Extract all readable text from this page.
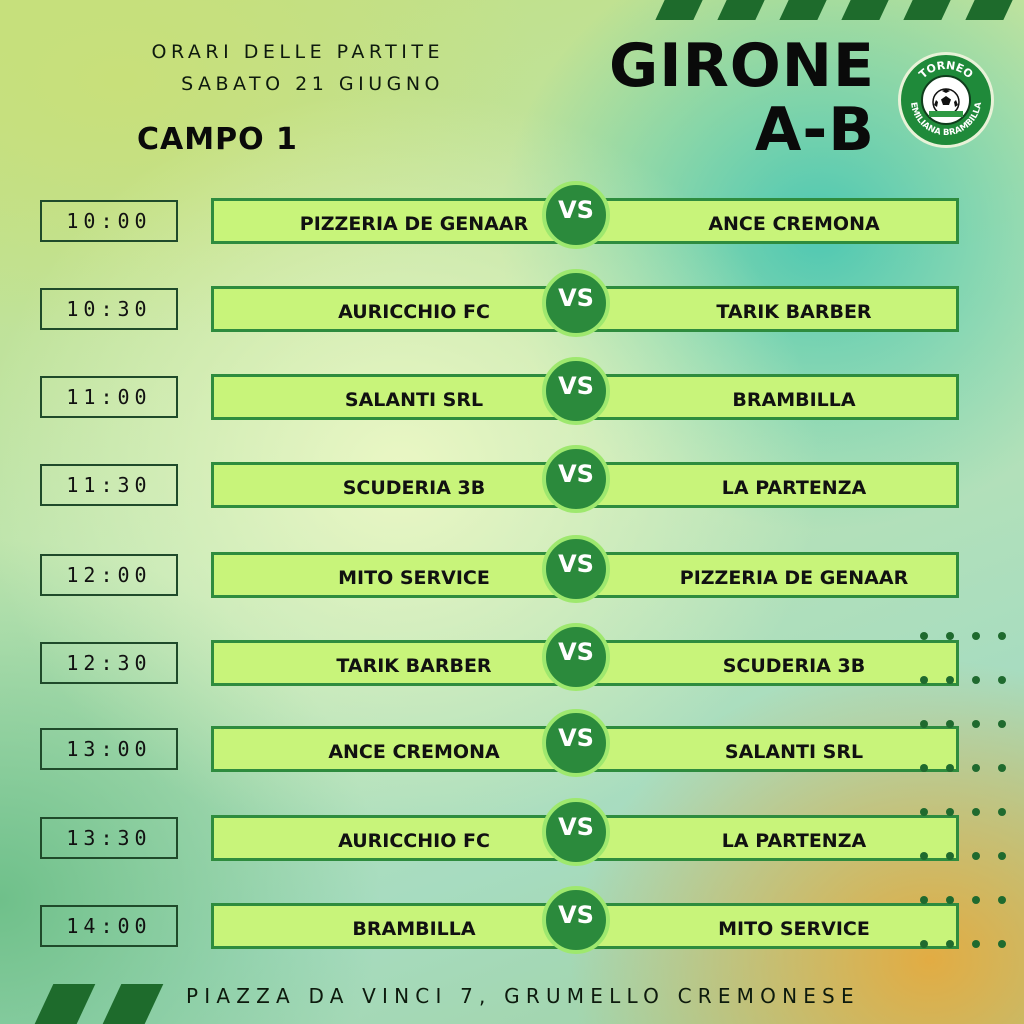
ORARI DELLE PARTITE
SABATO 21 GIUGNO
CAMPO 1
GIRONE
A-B
TORNEO
EMILIANA BRAMBILLA
10:00	PIZZERIA DE GENAAR	ANCE CREMONA
VS
10:30	AURICCHIO FC	TARIK BARBER
VS
11:00	SALANTI SRL	BRAMBILLA
VS
11:30	SCUDERIA 3B	LA PARTENZA
VS
12:00	MITO SERVICE	PIZZERIA DE GENAAR
VS
12:30	TARIK BARBER	SCUDERIA 3B
VS
13:00	ANCE CREMONA	SALANTI SRL
VS
13:30	AURICCHIO FC	LA PARTENZA
VS
14:00	BRAMBILLA	MITO SERVICE
VS
PIAZZA DA VINCI 7, GRUMELLO CREMONESE
